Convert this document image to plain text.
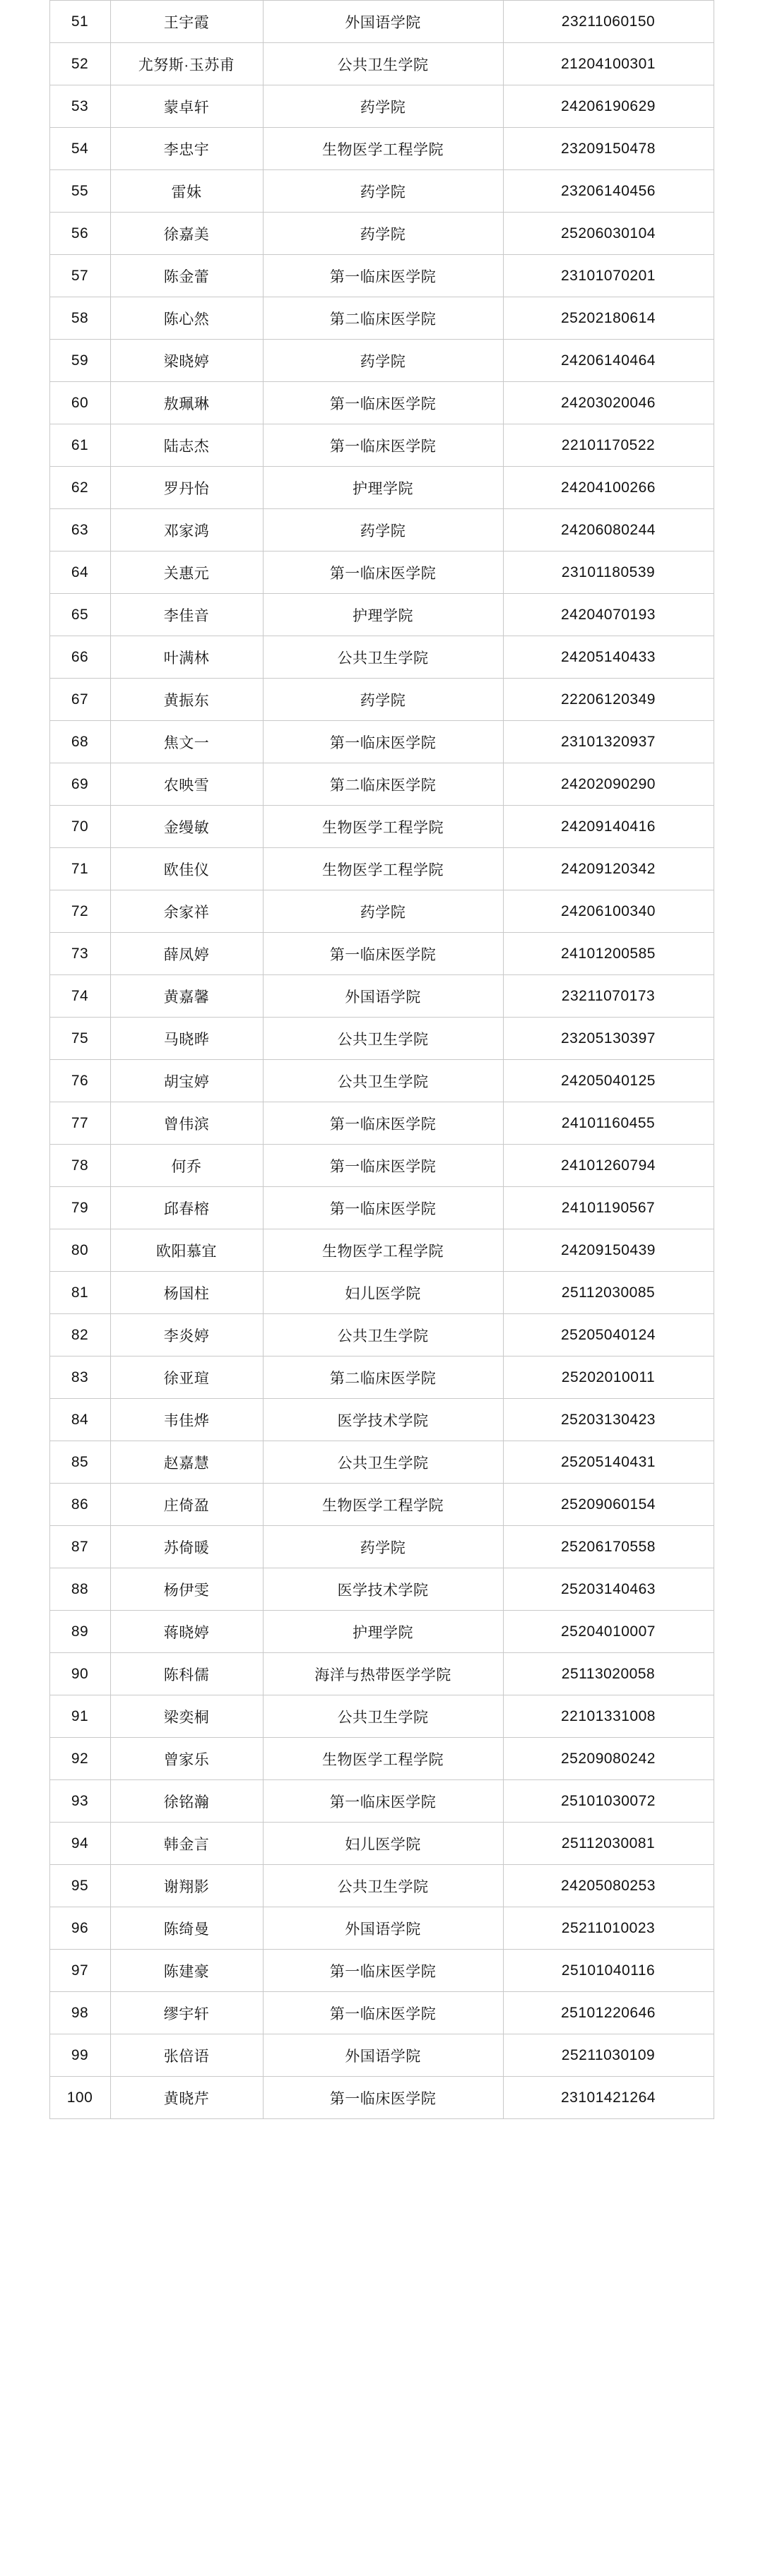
51	王宇霞	外国语学院	23211060150
52	尤努斯·玉苏甫	公共卫生学院	21204100301
53	蒙卓轩	药学院	24206190629
54	李忠宇	生物医学工程学院	23209150478
55	雷妹	药学院	23206140456
56	徐嘉美	药学院	25206030104
57	陈金蕾	第一临床医学院	23101070201
58	陈心然	第二临床医学院	25202180614
59	梁晓婷	药学院	24206140464
60	敖珮琳	第一临床医学院	24203020046
61	陆志杰	第一临床医学院	22101170522
62	罗丹怡	护理学院	24204100266
63	邓家鸿	药学院	24206080244
64	关惠元	第一临床医学院	23101180539
65	李佳音	护理学院	24204070193
66	叶满林	公共卫生学院	24205140433
67	黄振东	药学院	22206120349
68	焦文一	第一临床医学院	23101320937
69	农映雪	第二临床医学院	24202090290
70	金缦敏	生物医学工程学院	24209140416
71	欧佳仪	生物医学工程学院	24209120342
72	余家祥	药学院	24206100340
73	薛凤婷	第一临床医学院	24101200585
74	黄嘉馨	外国语学院	23211070173
75	马晓晔	公共卫生学院	23205130397
76	胡宝婷	公共卫生学院	24205040125
77	曾伟滨	第一临床医学院	24101160455
78	何乔	第一临床医学院	24101260794
79	邱春榕	第一临床医学院	24101190567
80	欧阳慕宜	生物医学工程学院	24209150439
81	杨国柱	妇儿医学院	25112030085
82	李炎婷	公共卫生学院	25205040124
83	徐亚瑄	第二临床医学院	25202010011
84	韦佳烨	医学技术学院	25203130423
85	赵嘉慧	公共卫生学院	25205140431
86	庄倚盈	生物医学工程学院	25209060154
87	苏倚暖	药学院	25206170558
88	杨伊雯	医学技术学院	25203140463
89	蒋晓婷	护理学院	25204010007
90	陈科儒	海洋与热带医学学院	25113020058
91	梁奕桐	公共卫生学院	22101331008
92	曾家乐	生物医学工程学院	25209080242
93	徐铭瀚	第一临床医学院	25101030072
94	韩金言	妇儿医学院	25112030081
95	谢翔影	公共卫生学院	24205080253
96	陈绮曼	外国语学院	25211010023
97	陈建豪	第一临床医学院	25101040116
98	缪宇轩	第一临床医学院	25101220646
99	张倍语	外国语学院	25211030109
100	黄晓芹	第一临床医学院	23101421264
